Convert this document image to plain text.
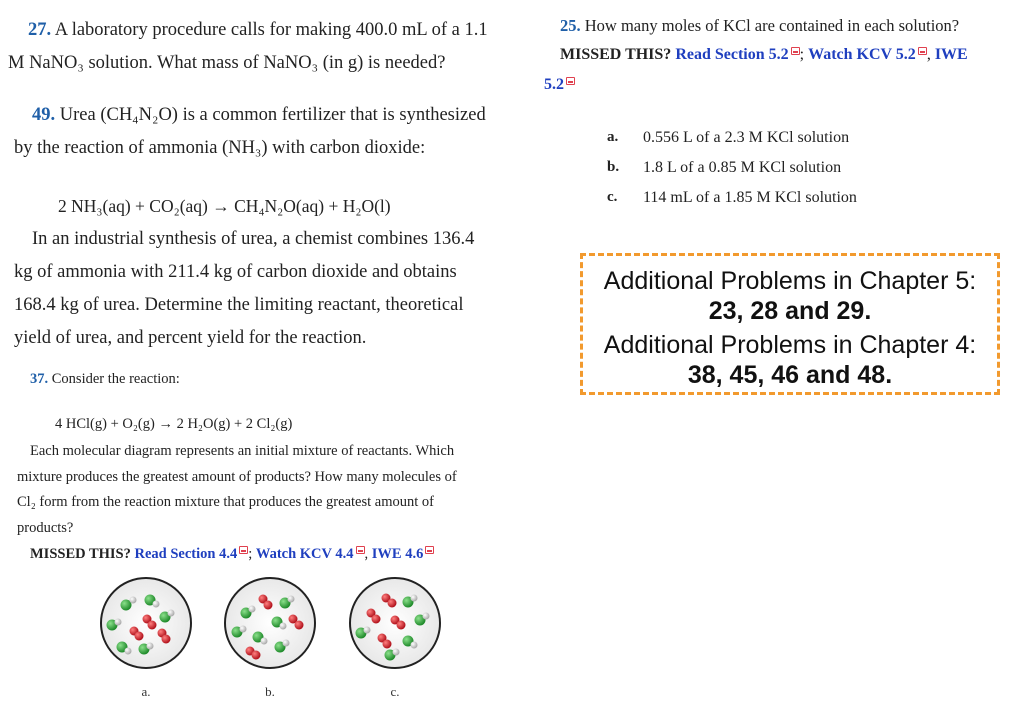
27. A laboratory procedure calls for making 400.0 mL of a 1.1
M NaNO₃ solution. What mass of NaNO₃ (in g) is needed?
49. Urea (CH₄N₂O) is a common fertilizer that is synthesized
by the reaction of ammonia (NH₃) with carbon dioxide:
2 NH₃(aq) + CO₂(aq) → CH₄N₂O(aq) + H₂O(l)
In an industrial synthesis of urea, a chemist combines 136.4
kg of ammonia with 211.4 kg of carbon dioxide and obtains
168.4 kg of urea. Determine the limiting reactant, theoretical
yield of urea, and percent yield for the reaction.
37. Consider the reaction:
4 HCl(g) + O₂(g) → 2 H₂O(g) + 2 Cl₂(g)
Each molecular diagram represents an initial mixture of reactants. Which
mixture produces the greatest amount of products? How many molecules of
Cl₂ form from the reaction mixture that produces the greatest amount of
products?
MISSED THIS? Read Section 4.4 ; Watch KCV 4.4 , IWE 4.6
a.	b.	c.
25. How many moles of KCl are contained in each solution?
MISSED THIS? Read Section 5.2 ; Watch KCV 5.2 , IWE
5.2
a. 0.556 L of a 2.3 M KCl solution
b. 1.8 L of a 0.85 M KCl solution
c. 114 mL of a 1.85 M KCl solution
Additional Problems in Chapter 5:
23, 28 and 29.
Additional Problems in Chapter 4:
38, 45, 46 and 48.
